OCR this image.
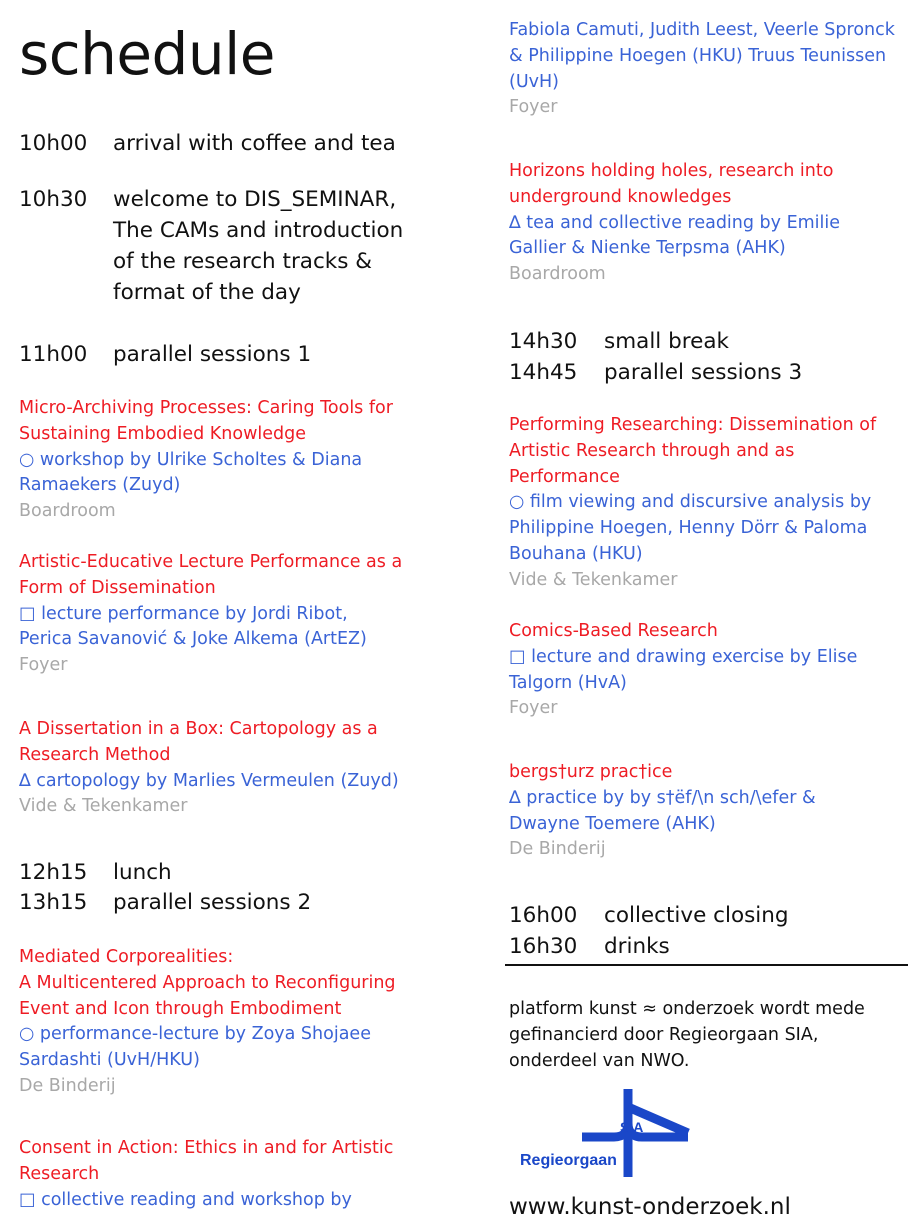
schedule
10h00	arrival with coffee and tea
10h30	welcome to DIS_SEMINAR, The CAMs and introduction of the research tracks & format of the day
11h00	parallel sessions 1
Micro-Archiving Processes: Caring Tools for Sustaining Embodied Knowledge
○ workshop by Ulrike Scholtes & Diana Ramaekers (Zuyd)
Boardroom
Artistic-Educative Lecture Performance as a Form of Dissemination
□ lecture performance by Jordi Ribot, Perica Savanović & Joke Alkema (ArtEZ)
Foyer
A Dissertation in a Box: Cartopology as a Research Method
∆ cartopology by Marlies Vermeulen (Zuyd)
Vide & Tekenkamer
12h15	lunch
13h15	parallel sessions 2
Mediated Corporealities:
A Multicentered Approach to Reconfiguring Event and Icon through Embodiment
○ performance-lecture by Zoya Shojaee Sardashti (UvH/HKU)
De Binderij
Consent in Action: Ethics in and for Artistic Research
□ collective reading and workshop by
Fabiola Camuti, Judith Leest, Veerle Spronck & Philippine Hoegen (HKU) Truus Teunissen (UvH)
Foyer
Horizons holding holes, research into underground knowledges
∆ tea and collective reading by Emilie Gallier & Nienke Terpsma (AHK)
Boardroom
14h30	small break
14h45	parallel sessions 3
Performing Researching: Dissemination of Artistic Research through and as Performance
○ film viewing and discursive analysis by Philippine Hoegen, Henny Dörr & Paloma Bouhana (HKU)
Vide & Tekenkamer
Comics-Based Research
□ lecture and drawing exercise by Elise Talgorn (HvA)
Foyer
bergs†urz prac†ice
∆ practice by by s†ëf/\n sch/\efer & Dwayne Toemere (AHK)
De Binderij
16h00	collective closing
16h30	drinks
platform kunst ≈ onderzoek wordt mede gefinancierd door Regieorgaan SIA, onderdeel van NWO.
SIA
Regieorgaan
www.kunst-onderzoek.nl
